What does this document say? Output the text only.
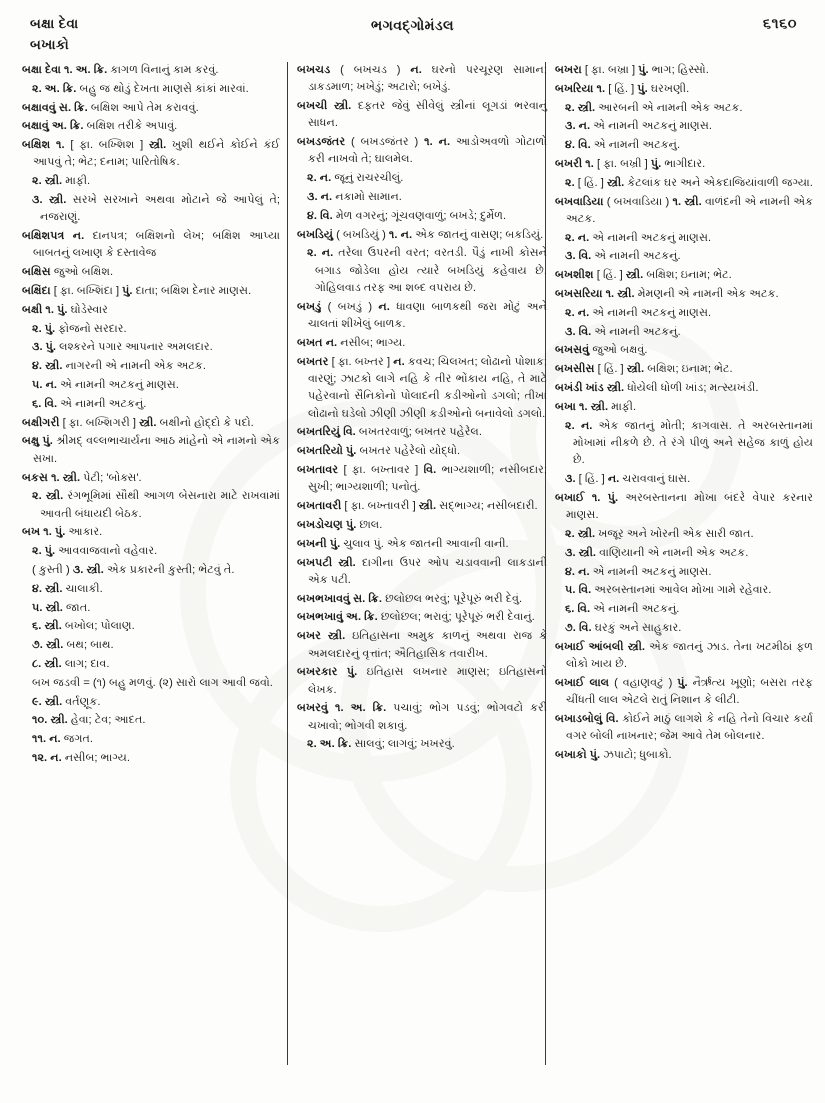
બક્ષા દેવા
બખાકો
ભગવદ્‌ગોમંડલ	૬૧૬૦

બક્ષા દેવા ૧. અ. ક્રિ. કાગળ વિનાનું કામ કરવું.

૨. અ. ક્રિ. બહુ જ થોડું દેખતા માણસે કાંકાં મારવાં.

બક્ષાવવું સ. ક્રિ. બક્ષિશ આપે તેમ કરાવવું.

બક્ષાવું અ. ક્રિ. બક્ષિશ તરીકે અપાવું.

બક્ષિશ ૧. [ ફા. બખ્શિશ ] સ્ત્રી. ખુશી થઈને કોઈને કંઈ આપવું તે; ભેટ; દનામ; પારિતોષિક.

૨. સ્ત્રી. માફી.

૩. સ્ત્રી. સરખે સરખાને અથવા મોટાને જે આપેલું તે; નજરાણું.

બક્ષિશપત્ર ન. દાનપત્ર; બક્ષિશનો લેખ; બક્ષિશ આપ્યા બાબતનું લખાણ કે દસ્તાવેજ

બક્ષિસ જુઓ બક્ષિશ.

બક્ષિંદા [ ફા. બખ્શિંદા ] પું. દાતા; બક્ષિશ દેનાર માણસ.

બક્ષી ૧. પું. ઘોડેસ્વાર

૨. પું. ફોજનો સરદાર.

૩. પું. લશ્કરને પગાર આપનાર અમલદાર.

૪. સ્ત્રી. નાગરની એ નામની એક અટક.

૫. ન. એ નામની અટકનું માણસ.

૬. વિ. એ નામની અટકનું.

બક્ષીગરી [ ફા. બખ્શિગરી ] સ્ત્રી. બક્ષીનો હોદ્દો કે પદો.

બક્ષુ પું. શ્રીમદ્ વલ્લભાચાર્યના આઠ માંહેનો એ નામનો એક સખા.

બકસ ૧. સ્ત્રી. પેટી; 'બોક્સ'.

૨. સ્ત્રી. રંગભૂમિમાં સૌથી આગળ બેસનારા માટે રાખવામાં આવતી બંધાયદી બેઠક.

બખ ૧. પું. આકાર.

૨. પું. આવવાજવાનો વહેવાર.

( કુસ્તી ) ૩. સ્ત્રી. એક પ્રકારની કુસ્તી; ભેટવું તે.

૪. સ્ત્રી. ચાલાકી.

૫. સ્ત્રી. જાત.

૬. સ્ત્રી. બખોલ; પોલાણ.

૭. સ્ત્રી. બથ; બાથ.

૮. સ્ત્રી. લાગ; દાવ.

બખ જડવી = (૧) બહુ મળવું. (૨) સારો લાગ આવી જવો.

૯. સ્ત્રી. વર્તણૂક.

૧૦. સ્ત્રી. હેવા; ટેવ; આદત.

૧૧. ન. જગત.

૧૨. ન. નસીબ; ભાગ્ય.

બખચડ ( બખચડ ) ન. ઘરનો પરચૂરણ સામાન; ડાકડમાળ; ખખેડું; અટારો; બખેડું.

બખચી સ્ત્રી. દફતર જેવું સીવેલું સ્ત્રીનાં લૂગડાં ભરવાનું સાધન.

બખડજંતર ( બખડજંતર ) ૧. ન. આડોઅવળો ગોટાળો કરી નાખવો તે; ઘાલમેલ.

૨. ન. જૂનું રાચરચીલું.

૩. ન. નકામો સામાન.

૪. વિ. મેળ વગરનું; ગૂંચવણવાળું; બખડે; દુર્મેળ.

બખડિયું ( બખડિયું ) ૧. ન. એક જાતનું વાસણ; બકડિયું.

૨. ન. તરેલા ઉપરની વરત; વરતડી. પૈડું નાખી કોસને બગાડ જોડેલા હોય ત્યારે બખડિયું કહેવાય છે. ગોહિલવાડ તરફ આ શબ્દ વપરાય છે.

બખડું ( બખડું ) ન. ધાવણા બાળકથી જરા મોટું અને ચાલતાં શીખેલું બાળક.

બખત ન. નસીબ; ભાગ્ય.

બખતર [ ફા. બખ્તર ] ન. કવચ; ચિલખત; લોઢાનો પોશાક; વારણું; ઝાટકો લાગે નહિ કે તીર ભોંકાય નહિ, તે માટે પહેરવાનો સૈનિકોનો પોલાદની કડીઓનો ડગલો; તીખા લોઢાનો ઘડેલો ઝીણી ઝીણી કડીઓનો બનાવેલો ડગલો.

બખતરિયું વિ. બખતરવાળું; બખતર પહેરેલ.

બખતરિયો પું. બખતર પહેરેલો યોદ્ધો.

બખતાવર [ ફા. બખ્તાવર ] વિ. ભાગ્યશાળી; નસીબદાર; સુખી; ભાગ્યશાળી; પનોતું.

બખતાવરી [ ફા. બખ્તાવરી ] સ્ત્રી. સદ્‌ભાગ્ય; નસીબદારી.

બખડોચણ પું. છાલ.

બખની પું. ચુલાવ પું. એક જાતની આવાની વાની.

બખપટી સ્ત્રી. દાગીના ઉપર ઓપ ચડાવવાની લાકડાની એક પટી.

બખભખાવવું સ. ક્રિ. છલોછલ ભરવું; પૂરેપૂરું ભરી દેવું.

બખભખાવું અ. ક્રિ. છલોછલ; ભરાવું; પૂરેપૂરું ભરી દેવાનું.

બખર સ્ત્રી. ઇતિહાસના અમુક કાળનું અથવા રાજ કે અમલદારનું વૃત્તાંત; ઐતિહાસિક તવારીખ.

બખરકાર પું. ઇતિહાસ લખનાર માણસ; ઇતિહાસનો લેખક.

બખરવું ૧. અ. ક્રિ. પચાવું; ભોગ પડવું; ભોગવટો કરી ચખાવો; ભોગવી શકાવું.

૨. અ. ક્રિ. સાલવું; લાગવું; ખખરવું.

બખરા [ ફા. બખ્રા ] પું. ભાગ; હિસ્સો.

બખરિયા ૧. [ હિં. ] પું. ઘરખણી.

૨. સ્ત્રી. આરબની એ નામની એક અટક.

૩. ન. એ નામની અટકનું માણસ.

૪. વિ. એ નામની અટકનું.

બખરી ૧. [ ફા. બખ્રી ] પું. ભાગીદાર.

૨. [ હિં. ] સ્ત્રી. કેટલાંક ઘર અને એકદાજિયાંવાળી જગ્યા.

બખવાડિયા ( બખવાડિયા ) ૧. સ્ત્રી. વાળંદની એ નામની એક અટક.

૨. ન. એ નામની અટકનું માણસ.

૩. વિ. એ નામની અટકનું.

બખશીશ [ હિં. ] સ્ત્રી. બક્ષિશ; ઇનામ; ભેટ.

બખસરિયા ૧. સ્ત્રી. મેમણની એ નામની એક અટક.

૨. ન. એ નામની અટકનું માણસ.

૩. વિ. એ નામની અટકનું.

બખસવું જુઓ બક્ષવું.

બખસીસ [ હિં. ] સ્ત્રી. બક્ષિશ; ઇનામ; ભેટ.

બખંડી ખાંડ સ્ત્રી. ધોયેલી ધોળી ખાંડ; મત્સ્યખંડી.

બખા ૧. સ્ત્રી. માફી.

૨. ન. એક જાતનું મોતી; કાગવાસ. તે અરબસ્તાનમાં મોખામાં નીકળે છે. તે રંગે પીળું અને સહેજ કાળું હોય છે.

૩. [ હિં. ] ન. ચરાવવાનું ઘાસ.

બખાઈ ૧. પું. અરબસ્તાનના મોખા બંદરે વેપાર કરનાર માણસ.

૨. સ્ત્રી. ખજૂર અને ખોરની એક સારી જાત.

૩. સ્ત્રી. વાણિયાની એ નામની એક અટક.

૪. ન. એ નામની અટકનું માણસ.

૫. વિ. અરબસ્તાનમાં આવેલ મોખા ગામે રહેવાર.

૬. વિ. એ નામની અટકનું.

૭. વિ. ઘરકું અને સાહુકાર.

બખાઈ આંબલી સ્ત્રી. એક જાતનું ઝાડ. તેના ખટમીઠાં ફળ લોકો ખાય છે.

બખાઈ લાલ ( વહાણવટું ) પું. નૈર્ઋત્ય ખૂણો; બસરા તરફ ચીંધતી લાલ એટલે રાતું નિશાન કે લીટી.

બખાડબોલું વિ. કોઈને માઠું લાગશે કે નહિ તેનો વિચાર કર્યા વગર બોલી નાખનાર; જેમ આવે તેમ બોલનાર.

બખાકો પું. ઝપાટો; ધુબાકો.
